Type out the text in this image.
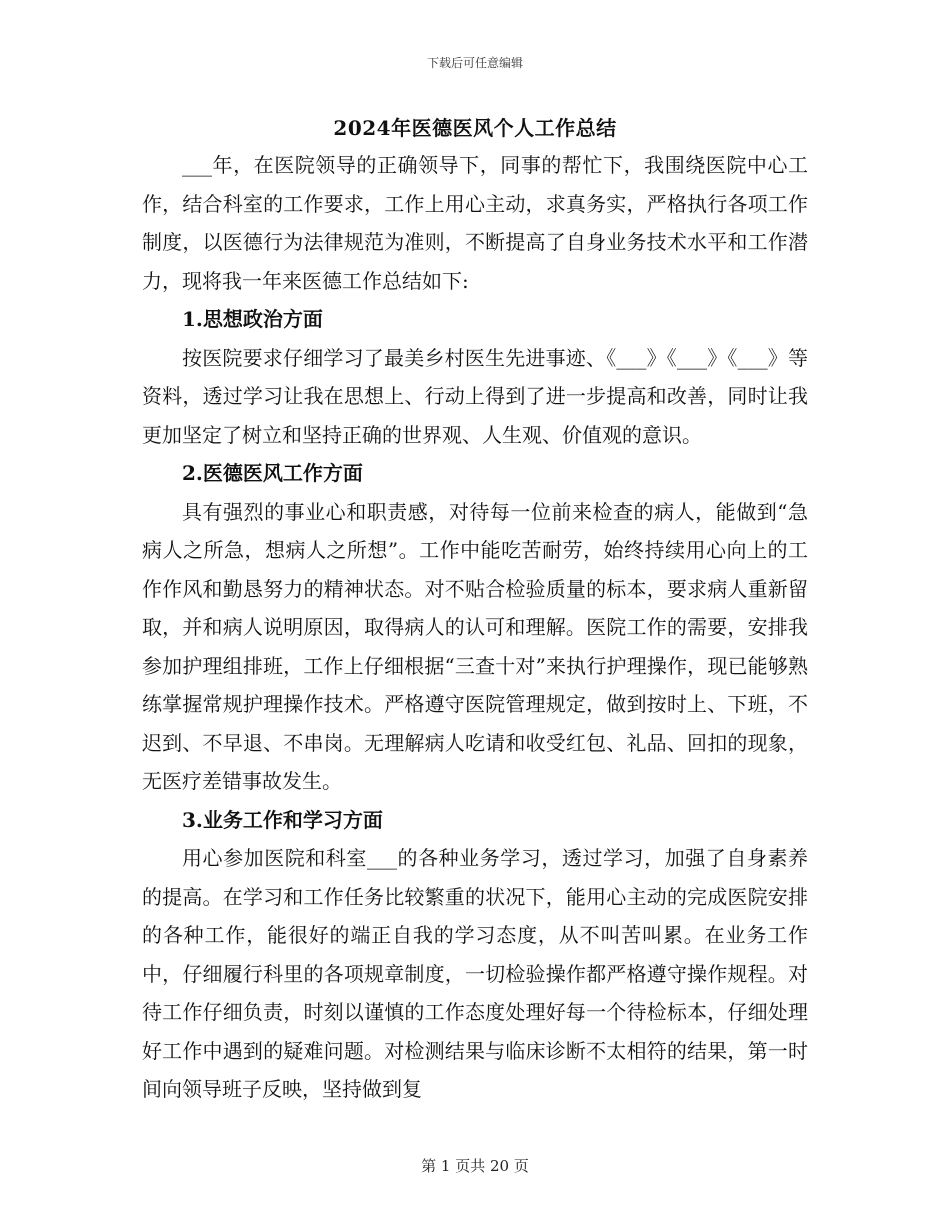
下载后可任意编辑
2024年医德医风个人工作总结

___年，在医院领导的正确领导下，同事的帮忙下，我围绕医院中心工作，结合科室的工作要求，工作上用心主动，求真务实，严格执行各项工作制度，以医德行为法律规范为准则，不断提高了自身业务技术水平和工作潜力，现将我一年来医德工作总结如下:

1.思想政治方面

按医院要求仔细学习了最美乡村医生先进事迹、《___》《___》《___》等资料，透过学习让我在思想上、行动上得到了进一步提高和改善，同时让我更加坚定了树立和坚持正确的世界观、人生观、价值观的意识。

2.医德医风工作方面

具有强烈的事业心和职责感，对待每一位前来检查的病人，能做到“急病人之所急，想病人之所想”。工作中能吃苦耐劳，始终持续用心向上的工作作风和勤恳努力的精神状态。对不贴合检验质量的标本，要求病人重新留取，并和病人说明原因，取得病人的认可和理解。医院工作的需要，安排我参加护理组排班，工作上仔细根据“三查十对”来执行护理操作，现已能够熟练掌握常规护理操作技术。严格遵守医院管理规定，做到按时上、下班，不迟到、不早退、不串岗。无理解病人吃请和收受红包、礼品、回扣的现象，无医疗差错事故发生。

3.业务工作和学习方面

用心参加医院和科室___的各种业务学习，透过学习，加强了自身素养的提高。在学习和工作任务比较繁重的状况下，能用心主动的完成医院安排的各种工作，能很好的端正自我的学习态度，从不叫苦叫累。在业务工作中，仔细履行科里的各项规章制度，一切检验操作都严格遵守操作规程。对待工作仔细负责，时刻以谨慎的工作态度处理好每一个待检标本，仔细处理好工作中遇到的疑难问题。对检测结果与临床诊断不太相符的结果，第一时间向领导班子反映，坚持做到复

第 1 页共 20 页
